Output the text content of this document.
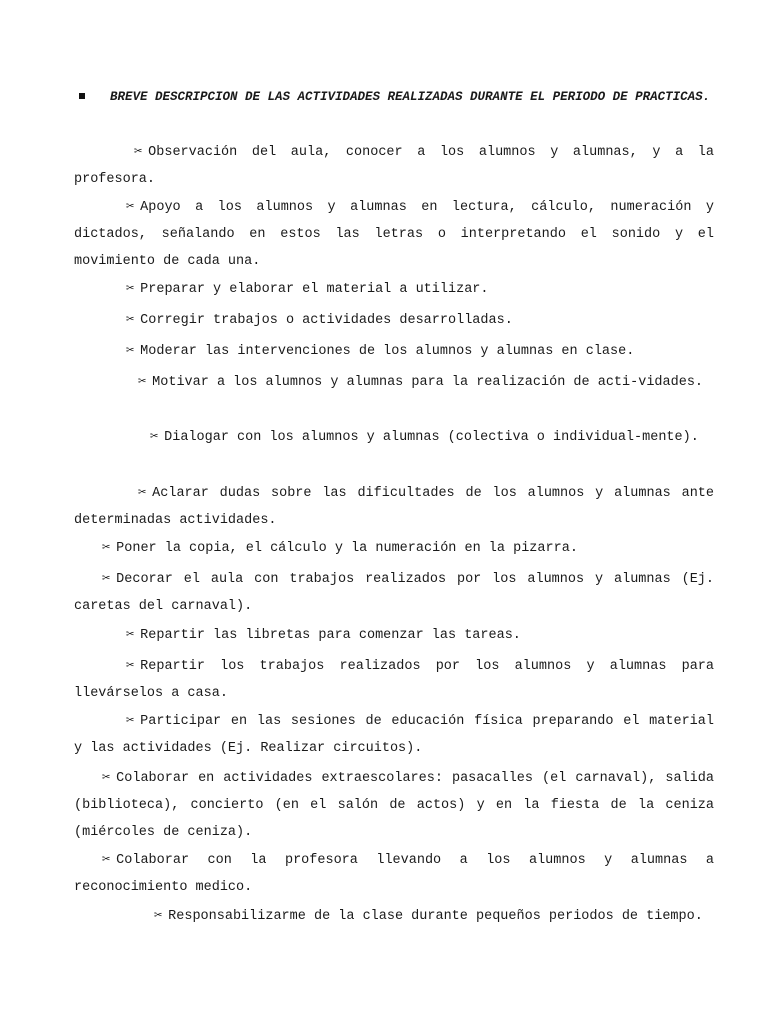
BREVE DESCRIPCION DE LAS ACTIVIDADES REALIZADAS DURANTE EL PERIODO DE PRACTICAS.
✂ Observación del aula, conocer a los alumnos y alumnas, y a la profesora.
✂ Apoyo a los alumnos y alumnas en lectura, cálculo, numeración y dictados, señalando en estos las letras o interpretando el sonido y el movimiento de cada una.
✂ Preparar y elaborar el material a utilizar.
✂ Corregir trabajos o actividades desarrolladas.
✂ Moderar las intervenciones de los alumnos y alumnas en clase.
✂ Motivar a los alumnos y alumnas para la realización de acti-vidades.
✂ Dialogar con los alumnos y alumnas (colectiva o individual-mente).
✂ Aclarar dudas sobre las dificultades de los alumnos y alumnas ante determinadas actividades.
✂ Poner la copia, el cálculo y la numeración en la pizarra.
✂ Decorar el aula con trabajos realizados por los alumnos y alumnas (Ej. caretas del carnaval).
✂ Repartir las libretas para comenzar las tareas.
✂ Repartir los trabajos realizados por los alumnos y alumnas para llevárselos a casa.
✂ Participar en las sesiones de educación física preparando el material y las actividades (Ej. Realizar circuitos).
✂ Colaborar en actividades extraescolares: pasacalles (el carnaval), salida (biblioteca), concierto (en el salón de actos) y en la fiesta de la ceniza (miércoles de ceniza).
✂ Colaborar con la profesora llevando a los alumnos y alumnas a reconocimiento medico.
✂ Responsabilizarme de la clase durante pequeños periodos de tiempo.
